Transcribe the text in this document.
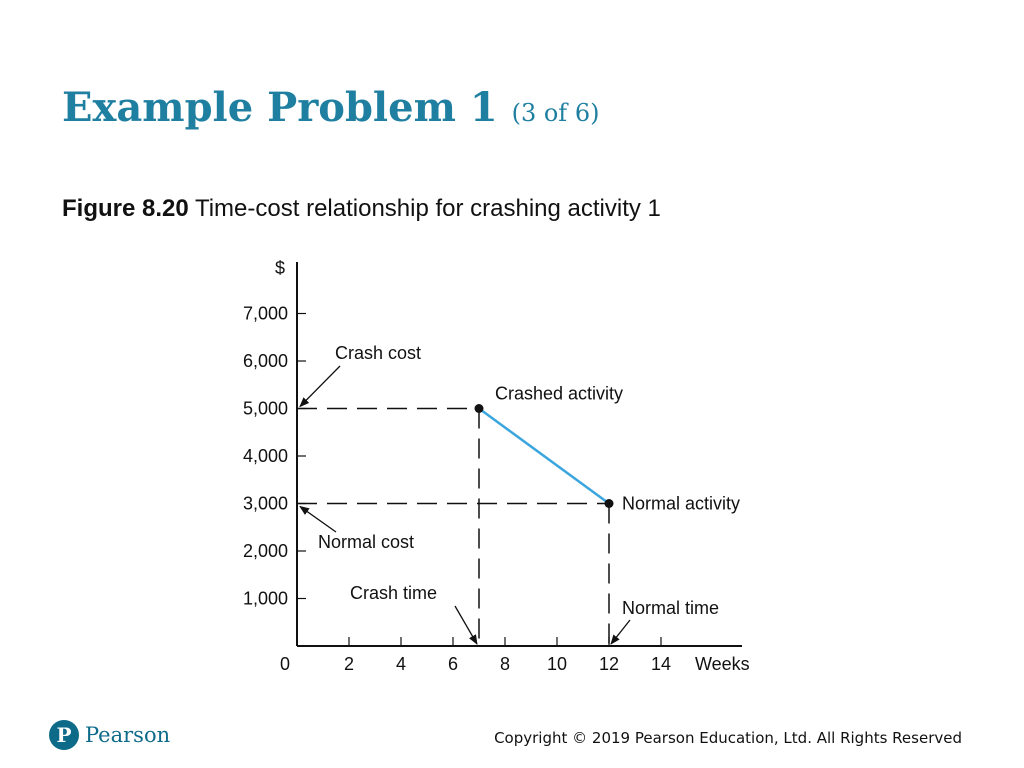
Example Problem 1 (3 of 6)
Figure 8.20 Time-cost relationship for crashing activity 1
1,000
2,000
3,000
4,000
5,000
6,000
7,000
0	2 4 6 8 10 12 14
$
Weeks
Crashed activity
Normal activity
Crash cost
Normal cost
Crash time
Normal time
P Pearson	Copyright © 2019 Pearson Education, Ltd. All Rights Reserved
